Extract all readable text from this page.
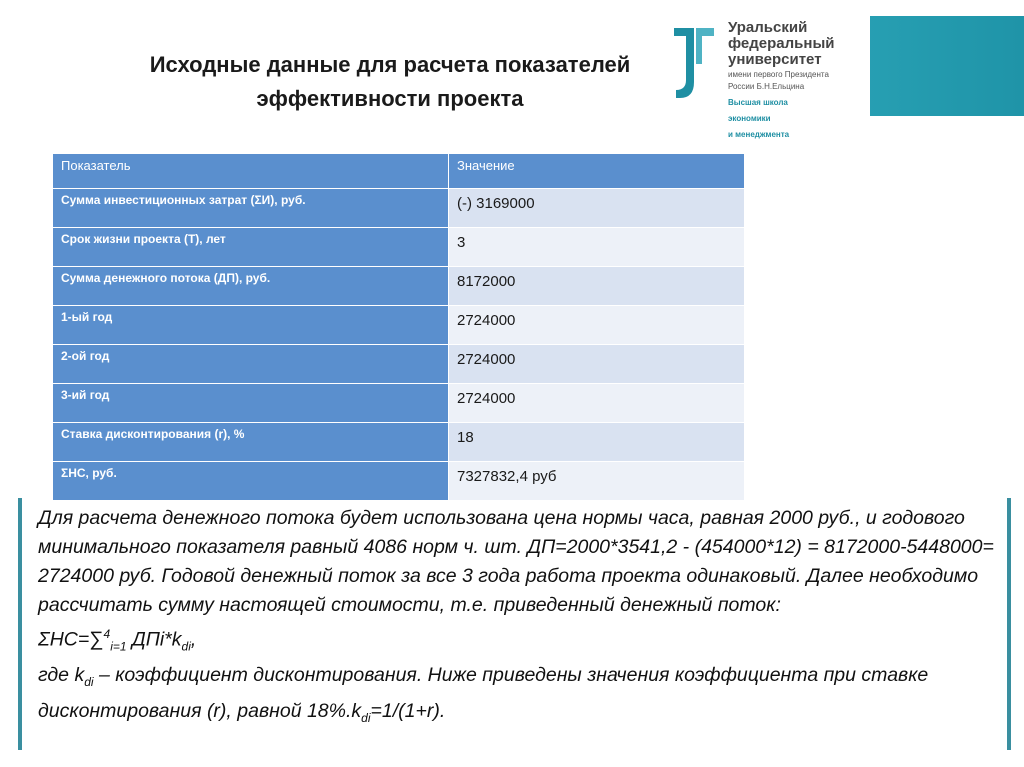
Уральский
федеральный
университет
имени первого Президента
России Б.Н.Ельцина
Высшая школа
экономики
и менеджмента
Исходные данные для расчета показателей эффективности проекта
Показатель	Значение
Сумма инвестиционных затрат (ΣИ), руб.	(-) 3169000
Срок жизни проекта (Т), лет	3
Сумма денежного потока (ДП), руб.	8172000
1-ый год	2724000
2-ой год	2724000
3-ий год	2724000
Ставка дисконтирования (r), %	18
ΣНС, руб.	7327832,4 руб

Для расчета денежного потока будет использована цена нормы часа, равная 2000 руб., и годового минимального показателя равный 4086 норм ч. шт. ДП=2000*3541,2 - (454000*12) = 8172000-5448000= 2724000 руб. Годовой денежный поток за все 3 года работа проекта одинаковый. Далее необходимо рассчитать сумму настоящей стоимости, т.е. приведенный денежный поток:

ΣНС=∑$^4_{i=1}$ $ДПi*k_{di}$,

где $k_{di}$ – коэффициент дисконтирования. Ниже приведены значения коэффициента при ставке дисконтирования (r), равной $18\%.k_{di}=1/(1+r)$.
